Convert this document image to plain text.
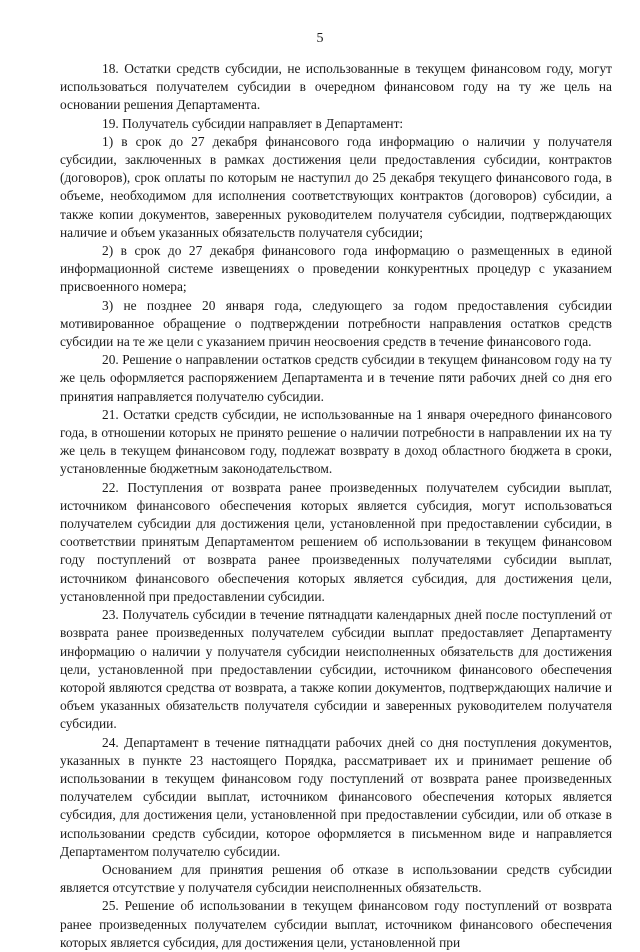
5

18. Остатки средств субсидии, не использованные в текущем финансовом году, могут использоваться получателем субсидии в очередном финансовом году на ту же цель на основании решения Департамента.

19. Получатель субсидии направляет в Департамент:

1) в срок до 27 декабря финансового года информацию о наличии у получателя субсидии, заключенных в рамках достижения цели предоставления субсидии, контрактов (договоров), срок оплаты по которым не наступил до 25 декабря текущего финансового года, в объеме, необходимом для исполнения соответствующих контрактов (договоров) субсидии, а также копии документов, заверенных руководителем получателя субсидии, подтверждающих наличие и объем указанных обязательств получателя субсидии;

2) в срок до 27 декабря финансового года информацию о размещенных в единой информационной системе извещениях о проведении конкурентных процедур с указанием присвоенного номера;

3) не позднее 20 января года, следующего за годом предоставления субсидии мотивированное обращение о подтверждении потребности направления остатков средств субсидии на те же цели с указанием причин неосвоения средств в течение финансового года.

20. Решение о направлении остатков средств субсидии в текущем финансовом году на ту же цель оформляется распоряжением Департамента и в течение пяти рабочих дней со дня его принятия направляется получателю субсидии.

21. Остатки средств субсидии, не использованные на 1 января очередного финансового года, в отношении которых не принято решение о наличии потребности в направлении их на ту же цель в текущем финансовом году, подлежат возврату в доход областного бюджета в сроки, установленные бюджетным законодательством.

22. Поступления от возврата ранее произведенных получателем субсидии выплат, источником финансового обеспечения которых является субсидия, могут использоваться получателем субсидии для достижения цели, установленной при предоставлении субсидии, в соответствии принятым Департаментом решением об использовании в текущем финансовом году поступлений от возврата ранее произведенных получателями субсидии выплат, источником финансового обеспечения которых является субсидия, для достижения цели, установленной при предоставлении субсидии.

23. Получатель субсидии в течение пятнадцати календарных дней после поступлений от возврата ранее произведенных получателем субсидии выплат предоставляет Департаменту информацию о наличии у получателя субсидии неисполненных обязательств для достижения цели, установленной при предоставлении субсидии, источником финансового обеспечения которой являются средства от возврата, а также копии документов, подтверждающих наличие и объем указанных обязательств получателя субсидии и заверенных руководителем получателя субсидии.

24. Департамент в течение пятнадцати рабочих дней со дня поступления документов, указанных в пункте 23 настоящего Порядка, рассматривает их и принимает решение об использовании в текущем финансовом году поступлений от возврата ранее произведенных получателем субсидии выплат, источником финансового обеспечения которых является субсидия, для достижения цели, установленной при предоставлении субсидии, или об отказе в использовании средств субсидии, которое оформляется в письменном виде и направляется Департаментом получателю субсидии.

Основанием для принятия решения об отказе в использовании средств субсидии является отсутствие у получателя субсидии неисполненных обязательств.

25. Решение об использовании в текущем финансовом году поступлений от возврата ранее произведенных получателем субсидии выплат, источником финансового обеспечения которых является субсидия, для достижения цели, установленной при
